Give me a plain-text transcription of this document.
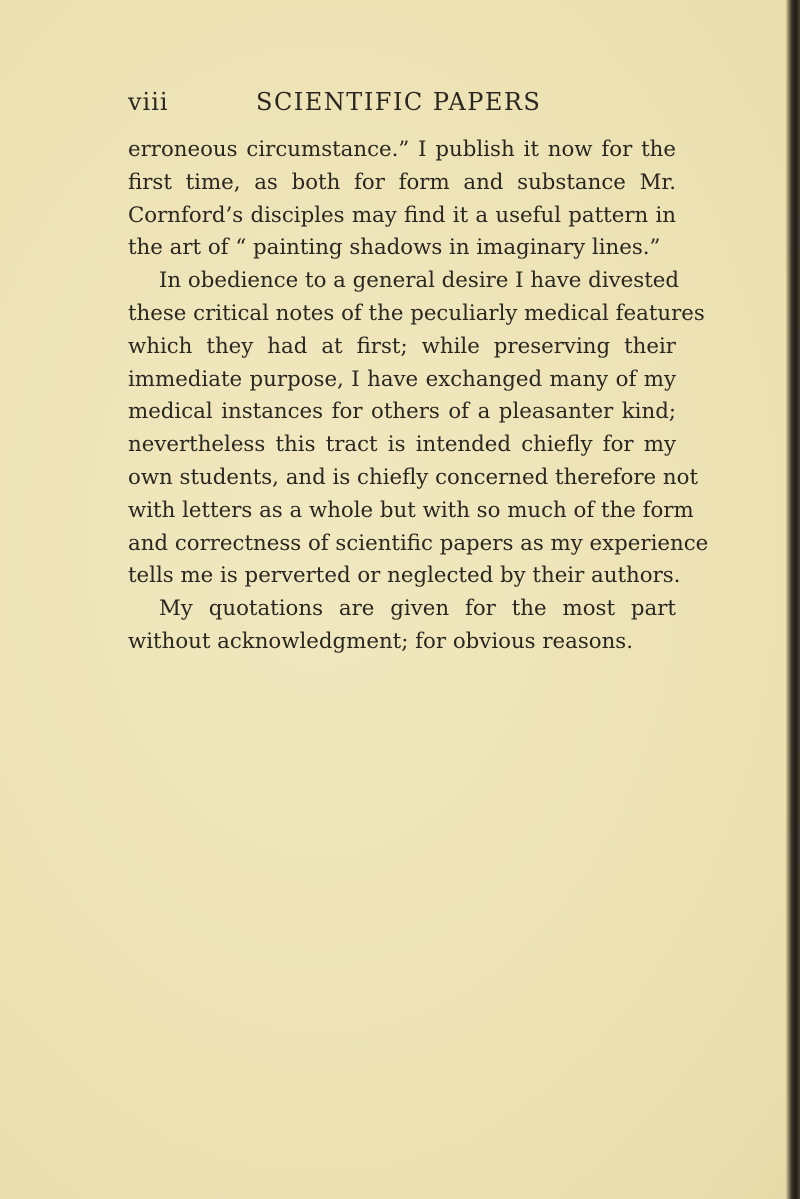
viii	SCIENTIFIC PAPERS
erroneous circumstance.” I publish it now for the
first time, as both for form and substance Mr.
Cornford’s disciples may find it a useful pattern in
the art of “ painting shadows in imaginary lines.”
In obedience to a general desire I have divested
these critical notes of the peculiarly medical features
which they had at first; while preserving their
immediate purpose, I have exchanged many of my
medical instances for others of a pleasanter kind;
nevertheless this tract is intended chiefly for my
own students, and is chiefly concerned therefore not
with letters as a whole but with so much of the form
and correctness of scientific papers as my experience
tells me is perverted or neglected by their authors.
My quotations are given for the most part
without acknowledgment; for obvious reasons.
